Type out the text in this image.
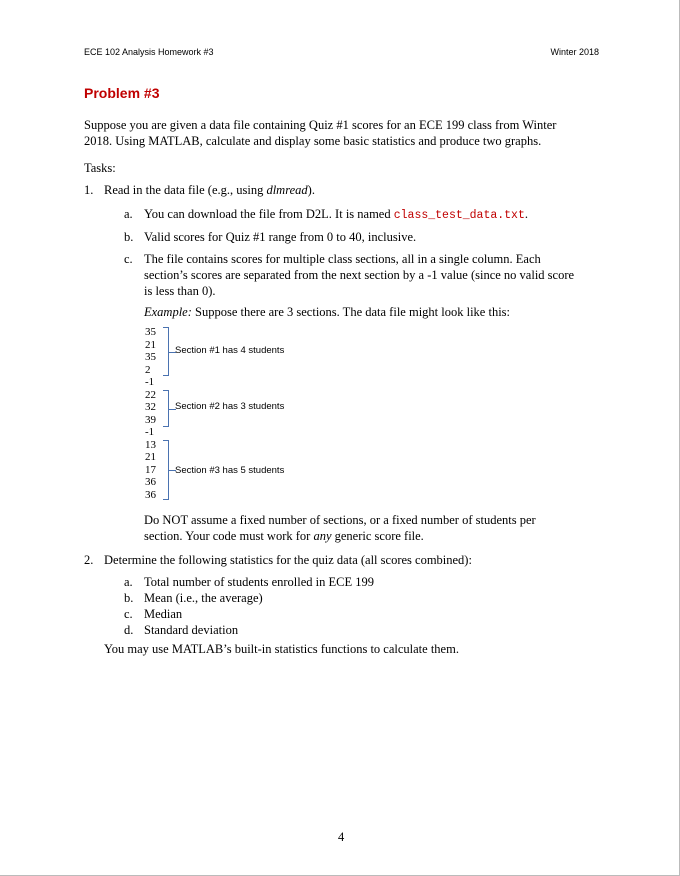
ECE 102 Analysis Homework #3	Winter 2018
Problem #3
Suppose you are given a data file containing Quiz #1 scores for an ECE 199 class from Winter
2018. Using MATLAB, calculate and display some basic statistics and produce two graphs.
Tasks:
1. Read in the data file (e.g., using dlmread).
a. You can download the file from D2L. It is named class_test_data.txt.
b. Valid scores for Quiz #1 range from 0 to 40, inclusive.
c. The file contains scores for multiple class sections, all in a single column. Each
section’s scores are separated from the next section by a -1 value (since no valid score
is less than 0).
Example: Suppose there are 3 sections. The data file might look like this:
35
21
35
2
-1
22
32
39
-1
13
21
17
36
36
Section #1 has 4 students
Section #2 has 3 students
Section #3 has 5 students
Do NOT assume a fixed number of sections, or a fixed number of students per
section. Your code must work for any generic score file.
2. Determine the following statistics for the quiz data (all scores combined):
a. Total number of students enrolled in ECE 199
b. Mean (i.e., the average)
c. Median
d. Standard deviation
You may use MATLAB’s built-in statistics functions to calculate them.
4
